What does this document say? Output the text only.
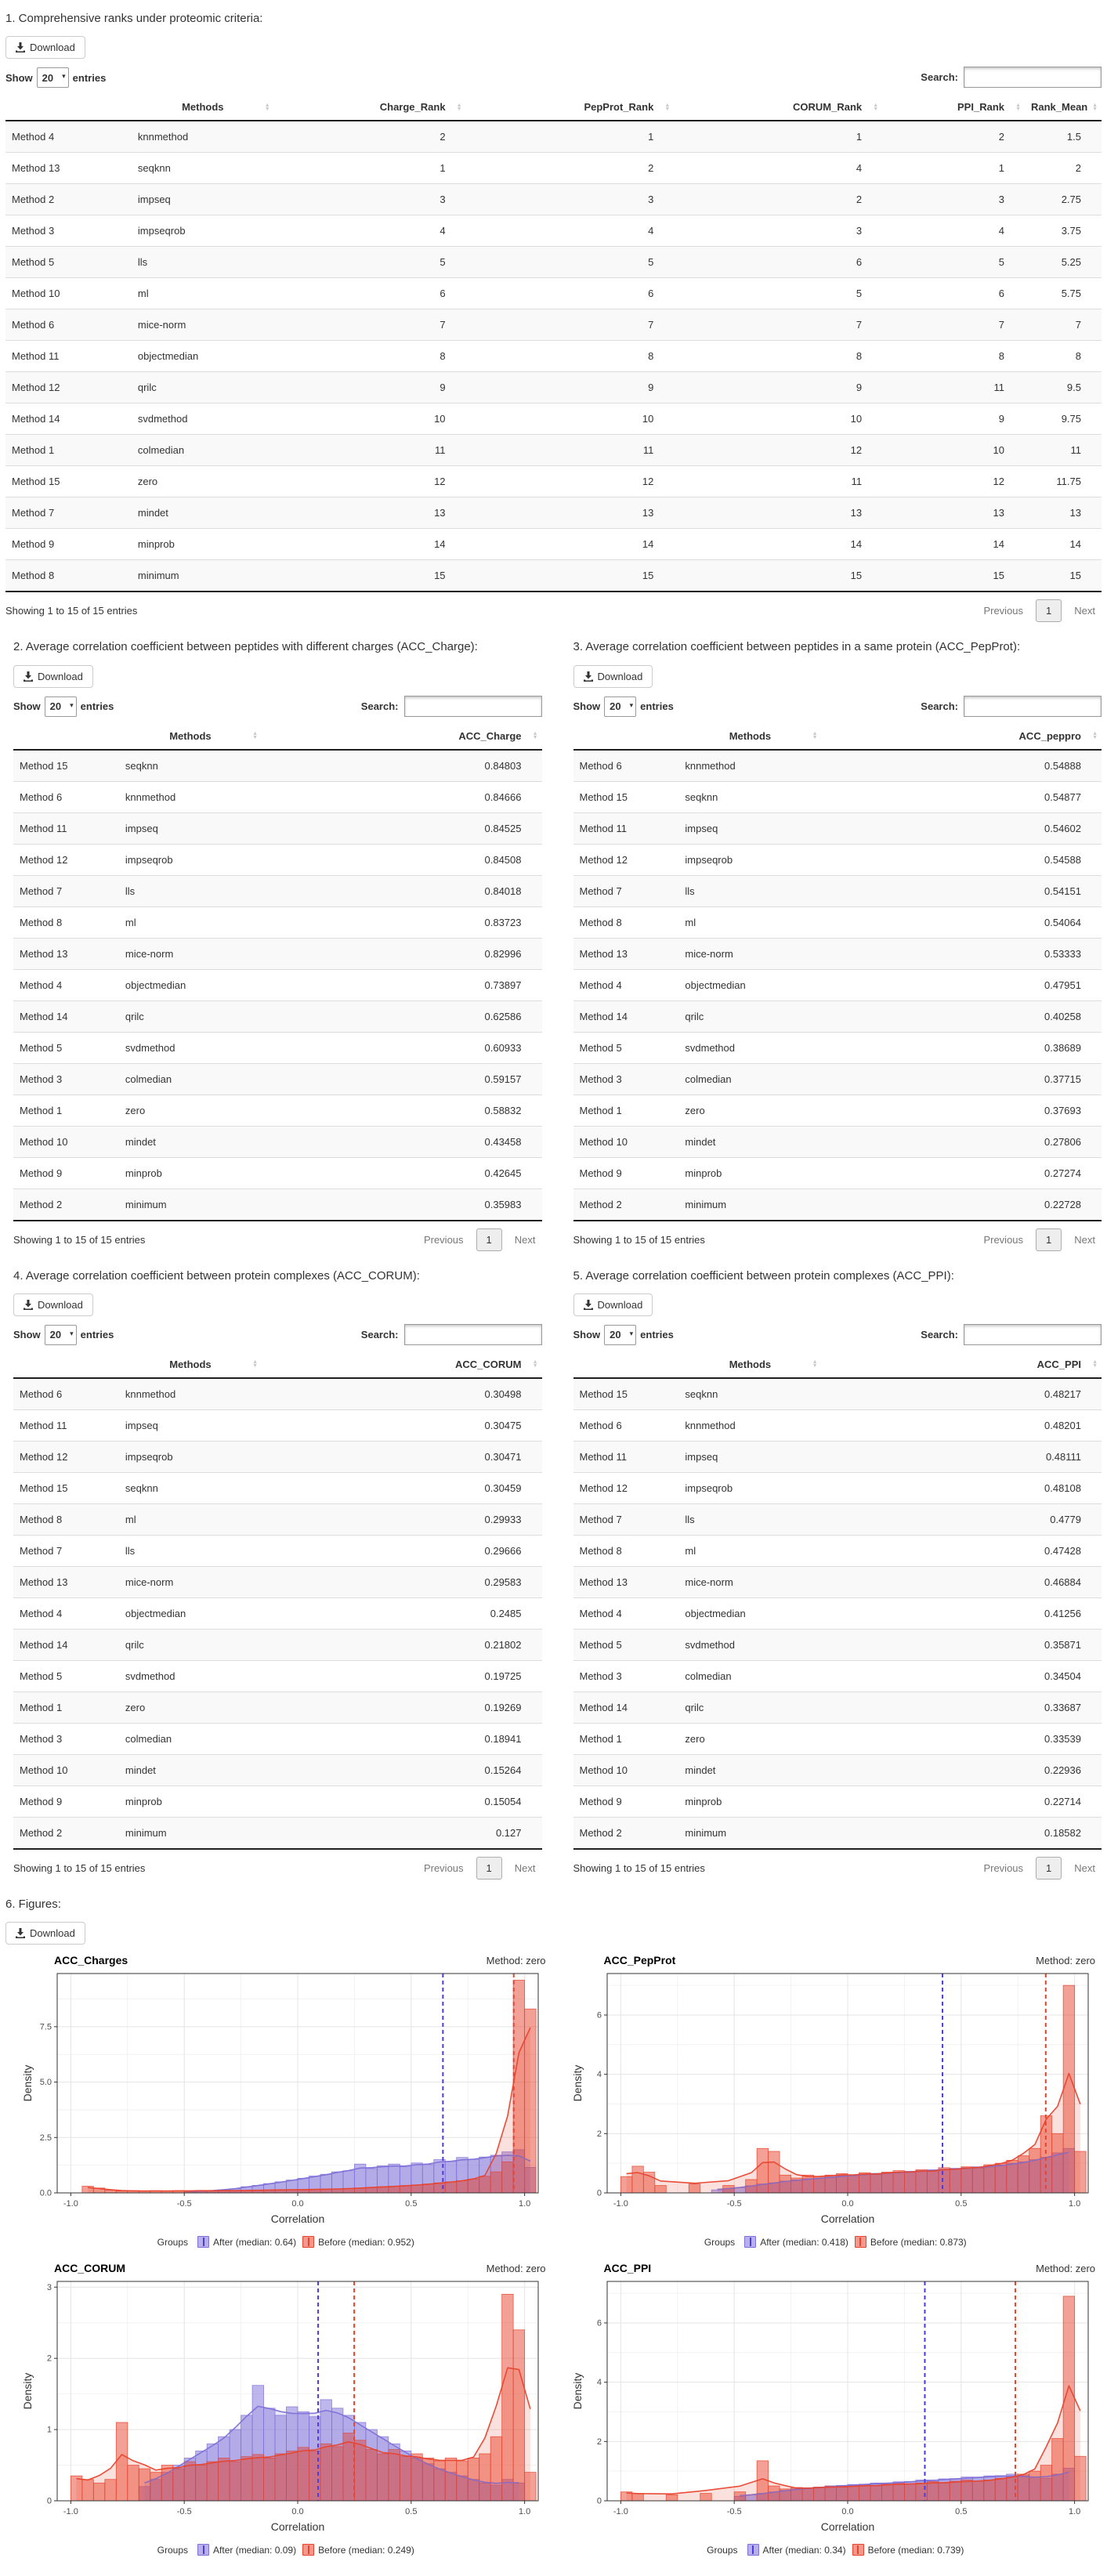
1. Comprehensive ranks under proteomic criteria:
Download
Show
20	▾ entries	Search:
	Methods ▲
▼	Charge_Rank ▲
▼	PepProt_Rank ▲
▼	CORUM_Rank ▲
▼	PPI_Rank ▲
▼	Rank_Mean ▲
▼

Method 4	knnmethod	2	1	1	2	1.5
Method 13	seqknn	1	2	4	1	2
Method 2	impseq	3	3	2	3	2.75
Method 3	impseqrob	4	4	3	4	3.75
Method 5	lls	5	5	6	5	5.25
Method 10	ml	6	6	5	6	5.75
Method 6	mice-norm	7	7	7	7	7
Method 11	objectmedian	8	8	8	8	8
Method 12	qrilc	9	9	9	11	9.5
Method 14	svdmethod	10	10	10	9	9.75
Method 1	colmedian	11	11	12	10	11
Method 15	zero	12	12	11	12	11.75
Method 7	mindet	13	13	13	13	13
Method 9	minprob	14	14	14	14	14
Method 8	minimum	15	15	15	15	15
Showing 1 to 15 of 15 entries	Previous	1	Next
2. Average correlation coefficient between peptides with different charges (ACC_Charge):
Download
Show
20	▾ entries	Search:
	Methods ▲
▼	ACC_Charge ▲
▼

Method 15	seqknn	0.84803
Method 6	knnmethod	0.84666
Method 11	impseq	0.84525
Method 12	impseqrob	0.84508
Method 7	lls	0.84018
Method 8	ml	0.83723
Method 13	mice-norm	0.82996
Method 4	objectmedian	0.73897
Method 14	qrilc	0.62586
Method 5	svdmethod	0.60933
Method 3	colmedian	0.59157
Method 1	zero	0.58832
Method 10	mindet	0.43458
Method 9	minprob	0.42645
Method 2	minimum	0.35983
Showing 1 to 15 of 15 entries	Previous	1	Next
3. Average correlation coefficient between peptides in a same protein (ACC_PepProt):
Download
Show
20	▾ entries	Search:
	Methods ▲
▼	ACC_peppro ▲
▼

Method 6	knnmethod	0.54888
Method 15	seqknn	0.54877
Method 11	impseq	0.54602
Method 12	impseqrob	0.54588
Method 7	lls	0.54151
Method 8	ml	0.54064
Method 13	mice-norm	0.53333
Method 4	objectmedian	0.47951
Method 14	qrilc	0.40258
Method 5	svdmethod	0.38689
Method 3	colmedian	0.37715
Method 1	zero	0.37693
Method 10	mindet	0.27806
Method 9	minprob	0.27274
Method 2	minimum	0.22728
Showing 1 to 15 of 15 entries	Previous	1	Next
4. Average correlation coefficient between protein complexes (ACC_CORUM):
Download
Show
20	▾ entries	Search:
	Methods ▲
▼	ACC_CORUM ▲
▼

Method 6	knnmethod	0.30498
Method 11	impseq	0.30475
Method 12	impseqrob	0.30471
Method 15	seqknn	0.30459
Method 8	ml	0.29933
Method 7	lls	0.29666
Method 13	mice-norm	0.29583
Method 4	objectmedian	0.2485
Method 14	qrilc	0.21802
Method 5	svdmethod	0.19725
Method 1	zero	0.19269
Method 3	colmedian	0.18941
Method 10	mindet	0.15264
Method 9	minprob	0.15054
Method 2	minimum	0.127
Showing 1 to 15 of 15 entries	Previous	1	Next
5. Average correlation coefficient between protein complexes (ACC_PPI):
Download
Show
20	▾ entries	Search:
	Methods ▲
▼	ACC_PPI ▲
▼

Method 15	seqknn	0.48217
Method 6	knnmethod	0.48201
Method 11	impseq	0.48111
Method 12	impseqrob	0.48108
Method 7	lls	0.4779
Method 8	ml	0.47428
Method 13	mice-norm	0.46884
Method 4	objectmedian	0.41256
Method 5	svdmethod	0.35871
Method 3	colmedian	0.34504
Method 14	qrilc	0.33687
Method 1	zero	0.33539
Method 10	mindet	0.22936
Method 9	minprob	0.22714
Method 2	minimum	0.18582
Showing 1 to 15 of 15 entries	Previous	1	Next
6. Figures:
Download
ACC_Charges	Method: zero
0.0
2.5
5.0
7.5
-1.0	-0.5	0.0	0.5	1.0
Correlation
Density
Groups	After (median: 0.64) Before (median: 0.952)
ACC_PepProt	Method: zero
0
2
4
6
-1.0	-0.5	0.0	0.5	1.0
Correlation
Density
Groups	After (median: 0.418) Before (median: 0.873)
ACC_CORUM	Method: zero
0
1
2
3
-1.0	-0.5	0.0	0.5	1.0
Correlation
Density
Groups	After (median: 0.09) Before (median: 0.249)
ACC_PPI	Method: zero
0
2
4
6
-1.0	-0.5	0.0	0.5	1.0
Correlation
Density
Groups	After (median: 0.34) Before (median: 0.739)
